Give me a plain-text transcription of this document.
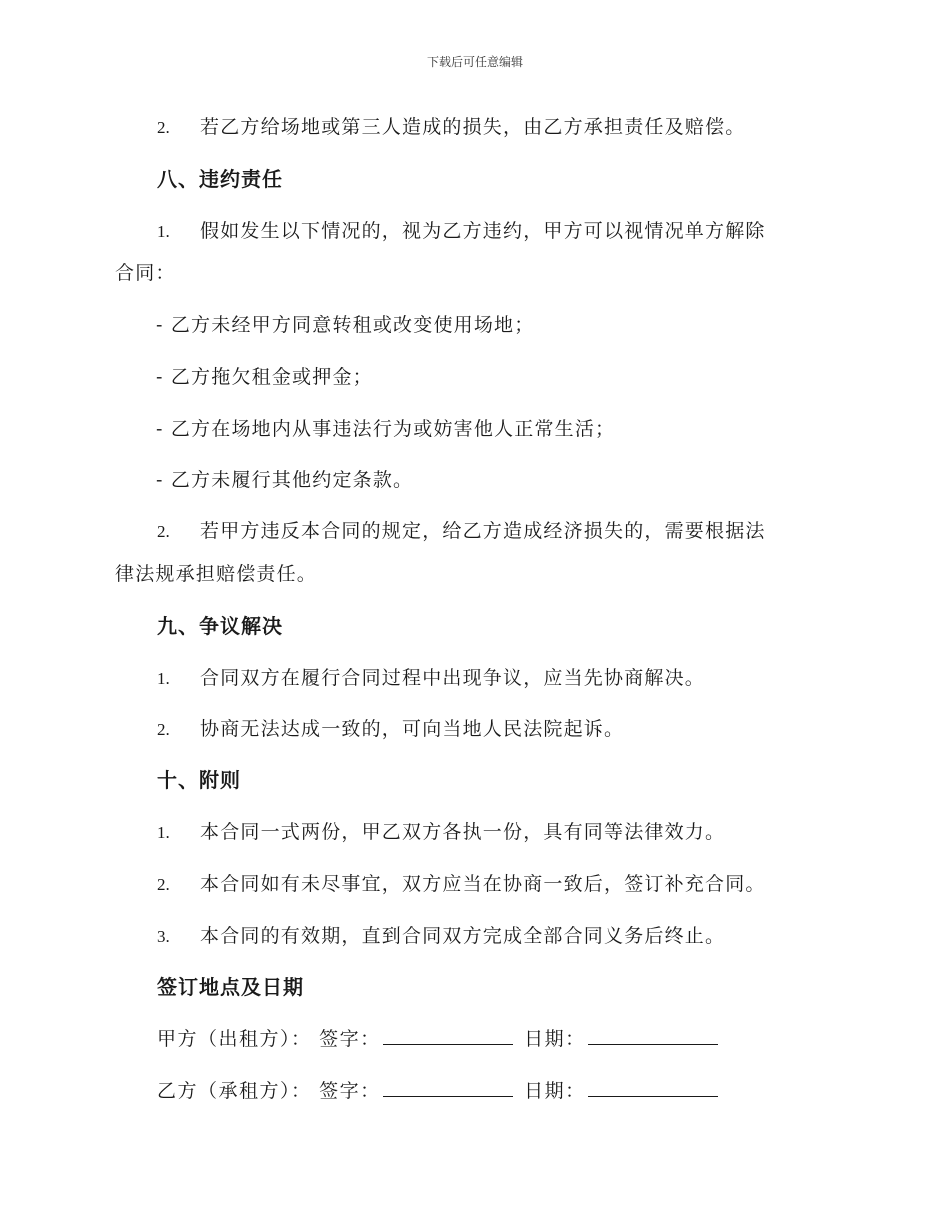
下载后可任意编辑
2. 若乙方给场地或第三人造成的损失，由乙方承担责任及赔偿。
八、违约责任
1. 假如发生以下情况的，视为乙方违约，甲方可以视情况单方解除
合同：
- 乙方未经甲方同意转租或改变使用场地；
- 乙方拖欠租金或押金；
- 乙方在场地内从事违法行为或妨害他人正常生活；
- 乙方未履行其他约定条款。
2. 若甲方违反本合同的规定，给乙方造成经济损失的，需要根据法
律法规承担赔偿责任。
九、争议解决
1. 合同双方在履行合同过程中出现争议，应当先协商解决。
2. 协商无法达成一致的，可向当地人民法院起诉。
十、附则
1. 本合同一式两份，甲乙双方各执一份，具有同等法律效力。
2. 本合同如有未尽事宜，双方应当在协商一致后，签订补充合同。
3. 本合同的有效期，直到合同双方完成全部合同义务后终止。
签订地点及日期
甲方（出租方）： 签字：	日期：
乙方（承租方）： 签字：	日期：
